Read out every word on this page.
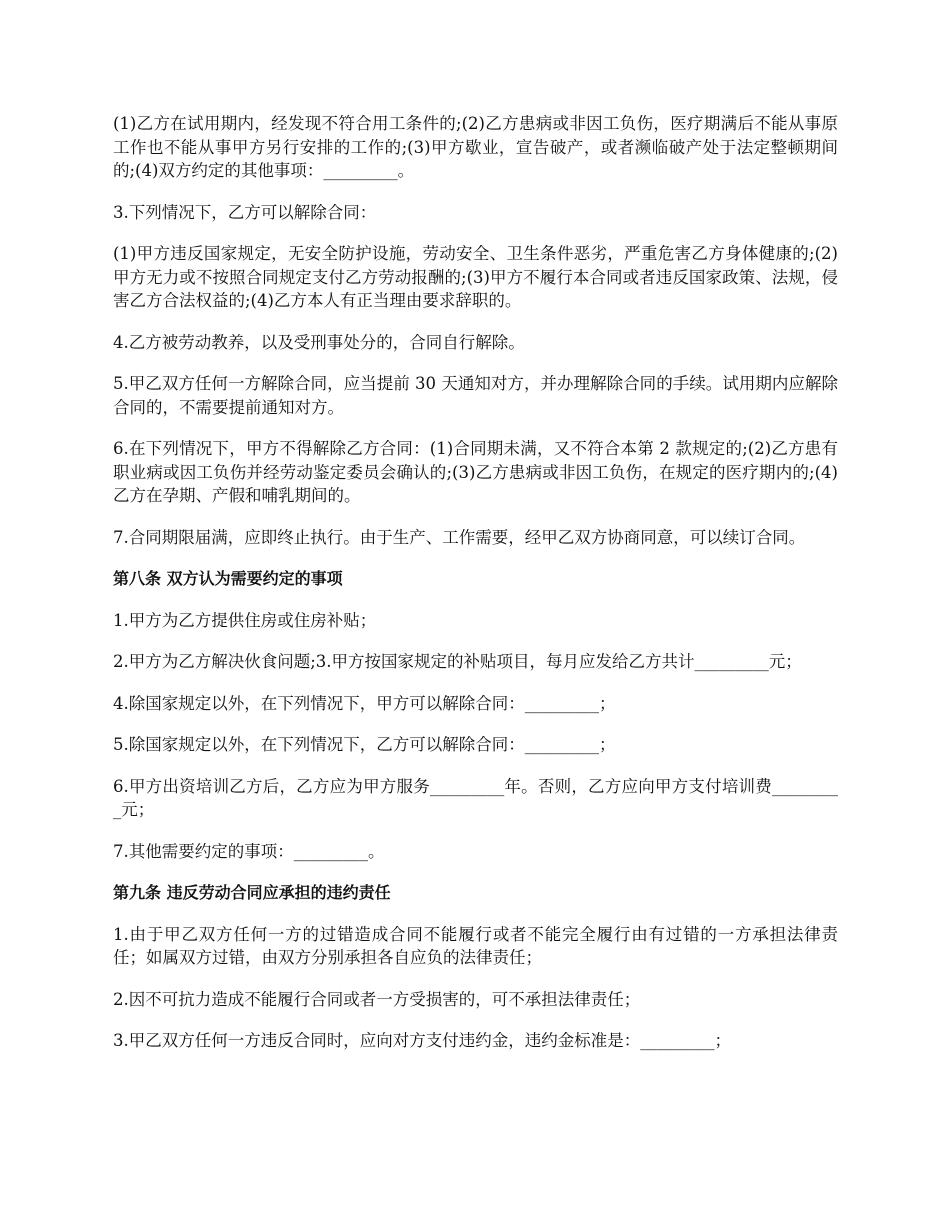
(1)乙方在试用期内，经发现不符合用工条件的;(2)乙方患病或非因工负伤，医疗期满后不能从事原工作也不能从事甲方另行安排的工作的;(3)甲方歇业，宣告破产，或者濒临破产处于法定整顿期间的;(4)双方约定的其他事项：_________。

3.下列情况下，乙方可以解除合同：

(1)甲方违反国家规定，无安全防护设施，劳动安全、卫生条件恶劣，严重危害乙方身体健康的;(2)甲方无力或不按照合同规定支付乙方劳动报酬的;(3)甲方不履行本合同或者违反国家政策、法规，侵害乙方合法权益的;(4)乙方本人有正当理由要求辞职的。

4.乙方被劳动教养，以及受刑事处分的，合同自行解除。

5.甲乙双方任何一方解除合同，应当提前 30 天通知对方，并办理解除合同的手续。试用期内应解除合同的，不需要提前通知对方。

6.在下列情况下，甲方不得解除乙方合同：(1)合同期未满，又不符合本第 2 款规定的;(2)乙方患有职业病或因工负伤并经劳动鉴定委员会确认的;(3)乙方患病或非因工负伤，在规定的医疗期内的;(4)乙方在孕期、产假和哺乳期间的。

7.合同期限届满，应即终止执行。由于生产、工作需要，经甲乙双方协商同意，可以续订合同。

第八条 双方认为需要约定的事项

1.甲方为乙方提供住房或住房补贴；

2.甲方为乙方解决伙食问题;3.甲方按国家规定的补贴项目，每月应发给乙方共计_________元；

4.除国家规定以外，在下列情况下，甲方可以解除合同：_________；

5.除国家规定以外，在下列情况下，乙方可以解除合同：_________；

6.甲方出资培训乙方后，乙方应为甲方服务_________年。否则，乙方应向甲方支付培训费_________元；

7.其他需要约定的事项：_________。

第九条 违反劳动合同应承担的违约责任

1.由于甲乙双方任何一方的过错造成合同不能履行或者不能完全履行由有过错的一方承担法律责任；如属双方过错，由双方分别承担各自应负的法律责任；

2.因不可抗力造成不能履行合同或者一方受损害的，可不承担法律责任；

3.甲乙双方任何一方违反合同时，应向对方支付违约金，违约金标准是：_________；
